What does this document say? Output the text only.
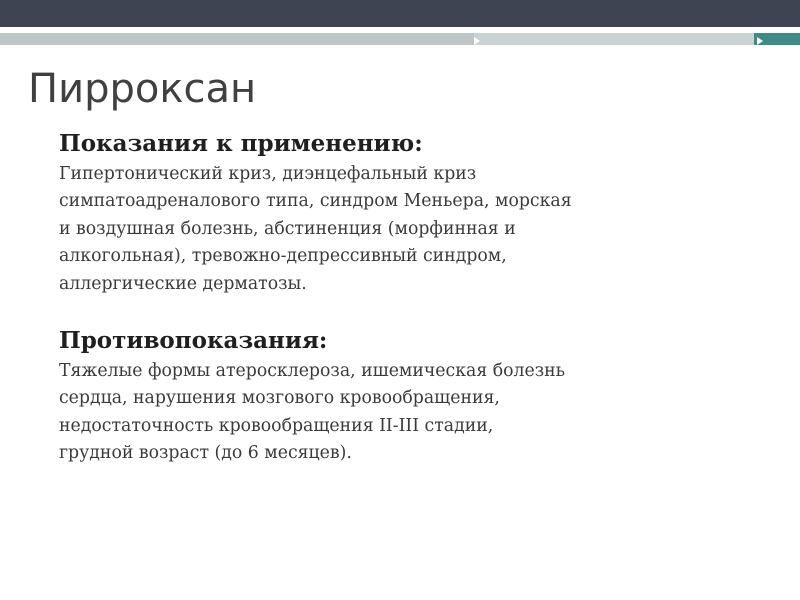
Пирроксан
Показания к применению:

Гипертонический криз, диэнцефальный криз
симпатоадреналового типа, синдром Меньера, морская
и воздушная болезнь, абстиненция (морфинная и
алкогольная), тревожно-депрессивный синдром,
аллергические дерматозы.

Противопоказания:

Тяжелые формы атеросклероза, ишемическая болезнь
сердца, нарушения мозгового кровообращения,
недостаточность кровообращения II-III стадии,
грудной возраст (до 6 месяцев).
